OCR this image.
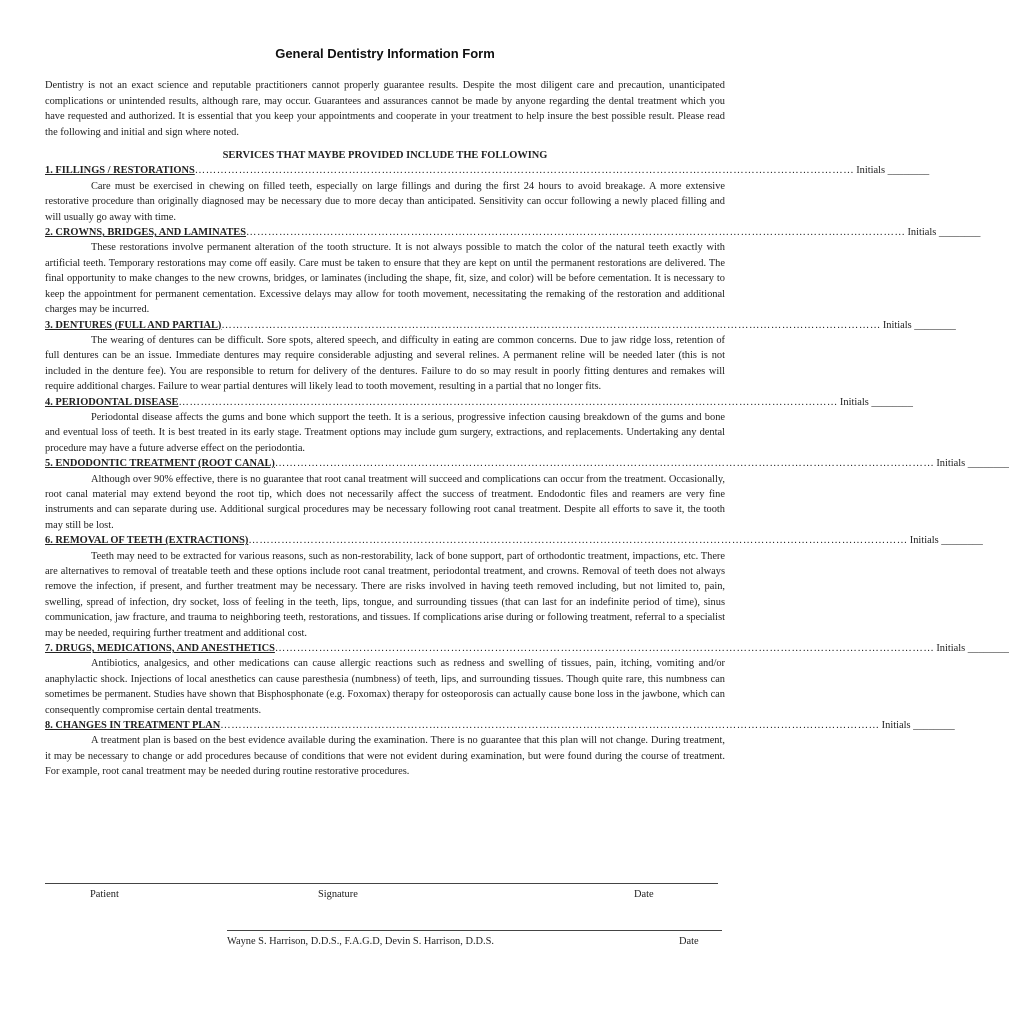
General Dentistry Information Form

Dentistry is not an exact science and reputable practitioners cannot properly guarantee results. Despite the most diligent care and precaution, unanticipated complications or unintended results, although rare, may occur. Guarantees and assurances cannot be made by anyone regarding the dental treatment which you have requested and authorized. It is essential that you keep your appointments and cooperate in your treatment to help insure the best possible result. Please read the following and initial and sign where noted.

SERVICES THAT MAYBE PROVIDED INCLUDE THE FOLLOWING

1. FILLINGS / RESTORATIONS ……………………………………………………………………………………………………………………………………………………………… Initials ________

Care must be exercised in chewing on filled teeth, especially on large fillings and during the first 24 hours to avoid breakage. A more extensive restorative procedure than originally diagnosed may be necessary due to more decay than anticipated. Sensitivity can occur following a newly placed filling and will usually go away with time.

2. CROWNS, BRIDGES, AND LAMINATES ……………………………………………………………………………………………………………………………………………………………… Initials ________

These restorations involve permanent alteration of the tooth structure. It is not always possible to match the color of the natural teeth exactly with artificial teeth. Temporary restorations may come off easily. Care must be taken to ensure that they are kept on until the permanent restorations are delivered. The final opportunity to make changes to the new crowns, bridges, or laminates (including the shape, fit, size, and color) will be before cementation. It is necessary to keep the appointment for permanent cementation. Excessive delays may allow for tooth movement, necessitating the remaking of the restoration and additional charges may be incurred.

3. DENTURES (FULL AND PARTIAL) ……………………………………………………………………………………………………………………………………………………………… Initials ________

The wearing of dentures can be difficult. Sore spots, altered speech, and difficulty in eating are common concerns. Due to jaw ridge loss, retention of full dentures can be an issue. Immediate dentures may require considerable adjusting and several relines. A permanent reline will be needed later (this is not included in the denture fee). You are responsible to return for delivery of the dentures. Failure to do so may result in poorly fitting dentures and remakes will require additional charges. Failure to wear partial dentures will likely lead to tooth movement, resulting in a partial that no longer fits.

4. PERIODONTAL DISEASE ……………………………………………………………………………………………………………………………………………………………… Initials ________

Periodontal disease affects the gums and bone which support the teeth. It is a serious, progressive infection causing breakdown of the gums and bone and eventual loss of teeth. It is best treated in its early stage. Treatment options may include gum surgery, extractions, and replacements. Undertaking any dental procedure may have a future adverse effect on the periodontia.

5. ENDODONTIC TREATMENT (ROOT CANAL) ……………………………………………………………………………………………………………………………………………………………… Initials ________

Although over 90% effective, there is no guarantee that root canal treatment will succeed and complications can occur from the treatment. Occasionally, root canal material may extend beyond the root tip, which does not necessarily affect the success of treatment. Endodontic files and reamers are very fine instruments and can separate during use. Additional surgical procedures may be necessary following root canal treatment. Despite all efforts to save it, the tooth may still be lost.

6. REMOVAL OF TEETH (EXTRACTIONS) ……………………………………………………………………………………………………………………………………………………………… Initials ________

Teeth may need to be extracted for various reasons, such as non-restorability, lack of bone support, part of orthodontic treatment, impactions, etc. There are alternatives to removal of treatable teeth and these options include root canal treatment, periodontal treatment, and crowns. Removal of teeth does not always remove the infection, if present, and further treatment may be necessary. There are risks involved in having teeth removed including, but not limited to, pain, swelling, spread of infection, dry socket, loss of feeling in the teeth, lips, tongue, and surrounding tissues (that can last for an indefinite period of time), sinus communication, jaw fracture, and trauma to neighboring teeth, restorations, and tissues. If complications arise during or following treatment, referral to a specialist may be needed, requiring further treatment and additional cost.

7. DRUGS, MEDICATIONS, AND ANESTHETICS ……………………………………………………………………………………………………………………………………………………………… Initials ________

Antibiotics, analgesics, and other medications can cause allergic reactions such as redness and swelling of tissues, pain, itching, vomiting and/or anaphylactic shock. Injections of local anesthetics can cause paresthesia (numbness) of teeth, lips, and surrounding tissues. Though quite rare, this numbness can sometimes be permanent. Studies have shown that Bisphosphonate (e.g. Foxomax) therapy for osteoporosis can actually cause bone loss in the jawbone, which can consequently compromise certain dental treatments.

8. CHANGES IN TREATMENT PLAN ……………………………………………………………………………………………………………………………………………………………… Initials ________

A treatment plan is based on the best evidence available during the examination. There is no guarantee that this plan will not change. During treatment, it may be necessary to change or add procedures because of conditions that were not evident during examination, but were found during the course of treatment. For example, root canal treatment may be needed during routine restorative procedures.

Patient	Signature	Date
Wayne S. Harrison, D.D.S., F.A.G.D, Devin S. Harrison, D.D.S.	Date
